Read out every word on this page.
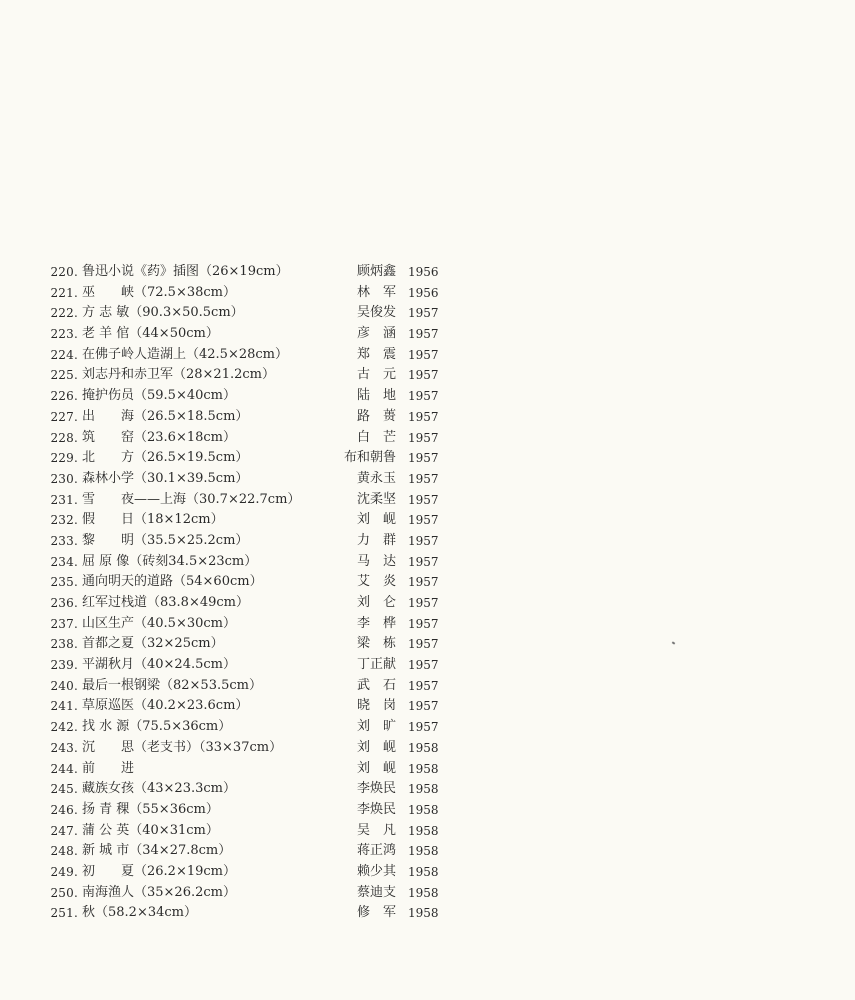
220. 鲁迅小说《药》插图（26×19cm）	顾炳鑫 1956
221. 巫　　峡（72.5×38cm）	林　军 1956
222. 方 志 敏（90.3×50.5cm）	吴俊发 1957
223. 老 羊 倌（44×50cm）	彦　涵 1957
224. 在佛子岭人造湖上（42.5×28cm）	郑　震 1957
225. 刘志丹和赤卫军（28×21.2cm）	古　元 1957
226. 掩护伤员（59.5×40cm）	陆　地 1957
227. 出　　海（26.5×18.5cm）	路　蒉 1957
228. 筑　　窑（23.6×18cm）	白　芒 1957
229. 北　　方（26.5×19.5cm）	布和朝鲁 1957
230. 森林小学（30.1×39.5cm）	黄永玉 1957
231. 雪　　夜——上海（30.7×22.7cm）	沈柔坚 1957
232. 假　　日（18×12cm）	刘　岘 1957
233. 黎　　明（35.5×25.2cm）	力　群 1957
234. 屈 原 像（砖刻34.5×23cm）	马　达 1957
235. 通向明天的道路（54×60cm）	艾　炎 1957
236. 红军过栈道（83.8×49cm）	刘　仑 1957
237. 山区生产（40.5×30cm）	李　桦 1957
238. 首都之夏（32×25cm）	梁　栋 1957
239. 平湖秋月（40×24.5cm）	丁正献 1957
240. 最后一根钢梁（82×53.5cm）	武　石 1957
241. 草原巡医（40.2×23.6cm）	晓　岗 1957
242. 找 水 源（75.5×36cm）	刘　旷 1957
243. 沉　　思（老支书）（33×37cm）	刘　岘 1958
244. 前　　进	刘　岘 1958
245. 藏族女孩（43×23.3cm）	李焕民 1958
246. 扬 青 稞（55×36cm）	李焕民 1958
247. 蒲 公 英（40×31cm）	吴　凡 1958
248. 新 城 市（34×27.8cm）	蒋正鸿 1958
249. 初　　夏（26.2×19cm）	赖少其 1958
250. 南海渔人（35×26.2cm）	蔡迪支 1958
251. 秋（58.2×34cm）	修　军 1958
